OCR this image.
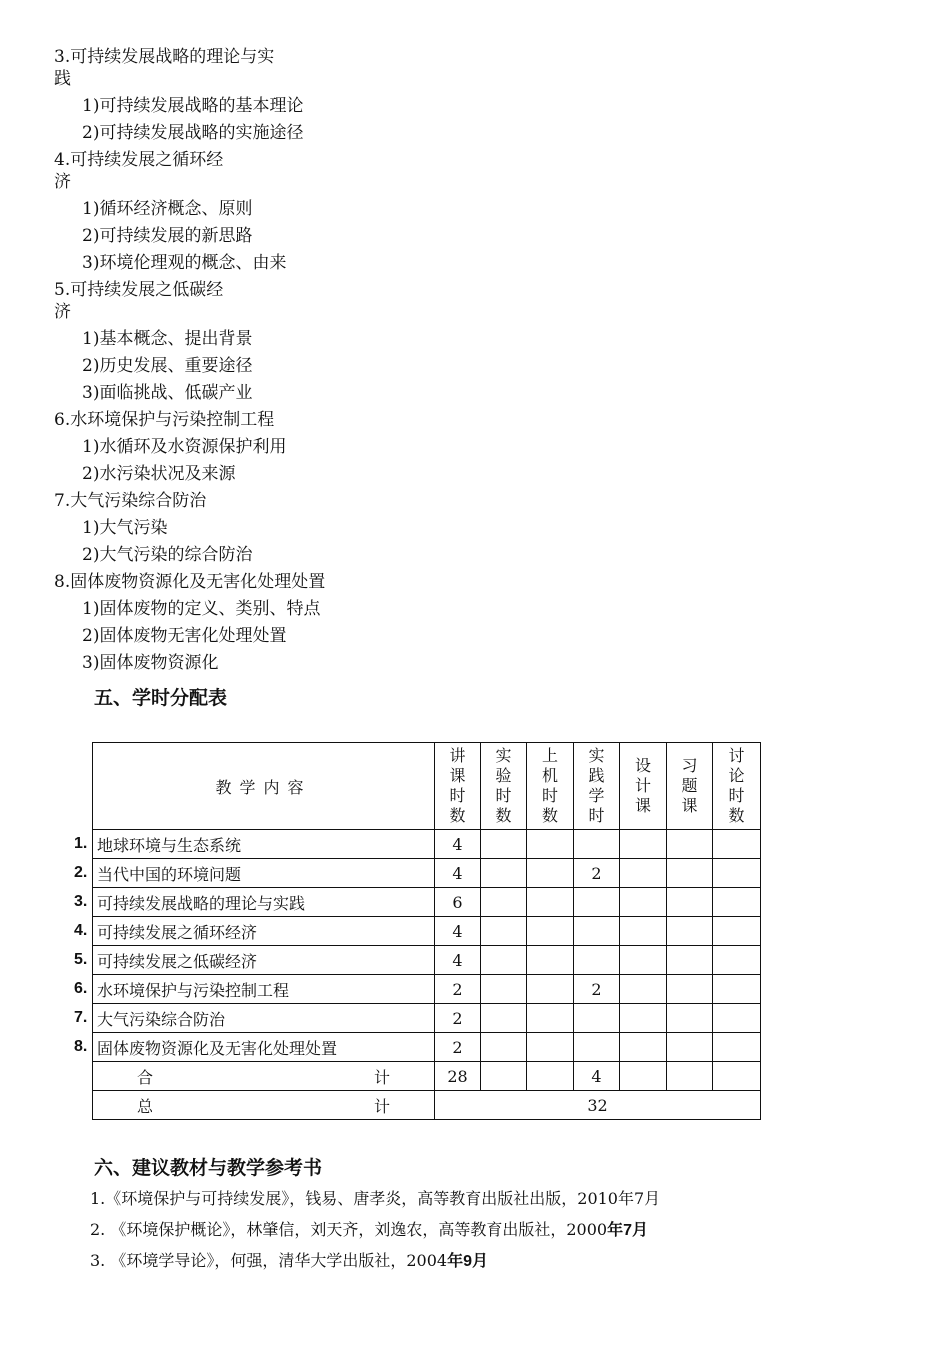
3.可持续发展战略的理论与实
践
1)可持续发展战略的基本理论
2)可持续发展战略的实施途径
4.可持续发展之循环经
济
1)循环经济概念、原则
2)可持续发展的新思路
3)环境伦理观的概念、由来
5.可持续发展之低碳经
济
1)基本概念、提出背景
2)历史发展、重要途径
3)面临挑战、低碳产业
6.水环境保护与污染控制工程
1)水循环及水资源保护利用
2)水污染状况及来源
7.大气污染综合防治
1)大气污染
2)大气污染的综合防治
8.固体废物资源化及无害化处理处置
1)固体废物的定义、类别、特点
2)固体废物无害化处理处置
3)固体废物资源化
五、学时分配表
教学内容	讲课时数	实验时数	上机时数	实践学时	设计课	习题课	讨论时数

1. 地球环境与生态系统	4						

2. 当代中国的环境问题	4			2			

3. 可持续发展战略的理论与实践	6						

4. 可持续发展之循环经济	4						

5. 可持续发展之低碳经济	4						

6. 水环境保护与污染控制工程	2			2			

7. 大气污染综合防治	2						

8. 固体废物资源化及无害化处理处置	2						

合 计	28			4			

总 计	32						
六、建议教材与教学参考书
1.《环境保护与可持续发展》，钱易、唐孝炎，高等教育出版社出版，2010年7月
2. 《环境保护概论》，林肇信，刘天齐，刘逸农，高等教育出版社，2000年7月
3. 《环境学导论》，何强，清华大学出版社，2004年9月
